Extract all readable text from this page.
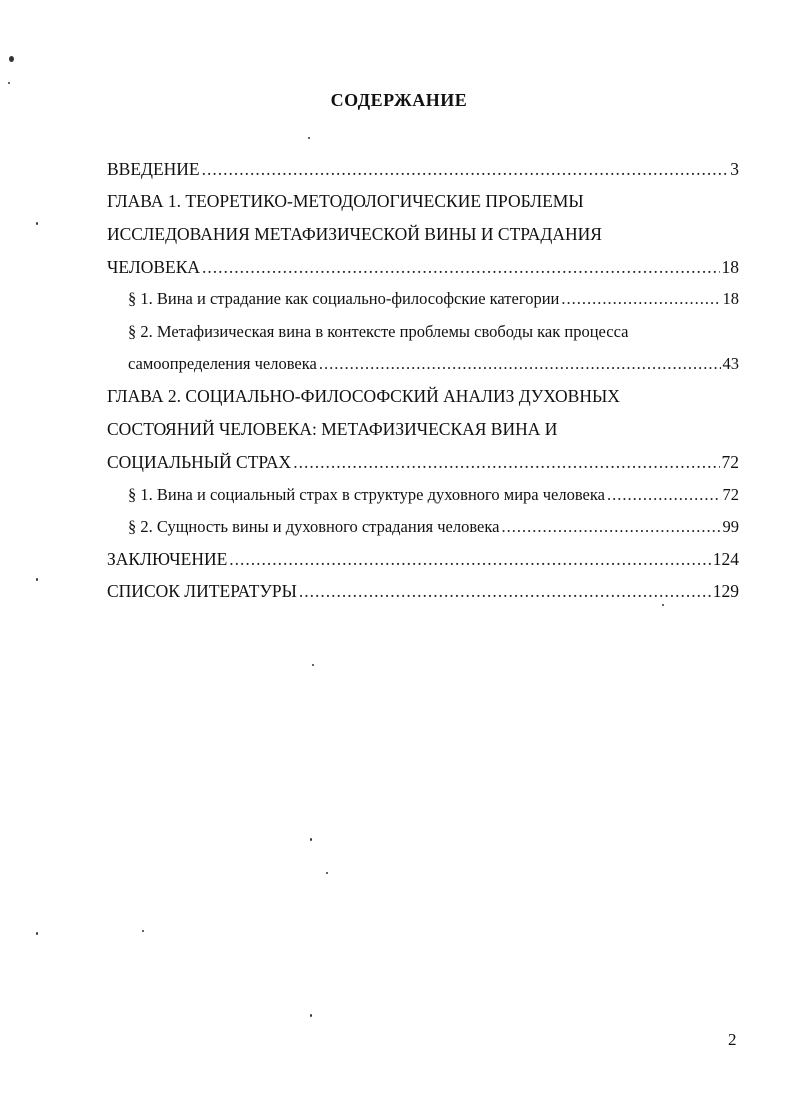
СОДЕРЖАНИЕ
ВВЕДЕНИЕ .....	3
ГЛАВА 1. ТЕОРЕТИКО-МЕТОДОЛОГИЧЕСКИЕ ПРОБЛЕМЫ
ИССЛЕДОВАНИЯ МЕТАФИЗИЧЕСКОЙ ВИНЫ И СТРАДАНИЯ
ЧЕЛОВЕКА .....	18
§ 1. Вина и страдание как социально-философские категории .....	18
§ 2. Метафизическая вина в контексте проблемы свободы как процесса
самоопределения человека .....	43
ГЛАВА 2. СОЦИАЛЬНО-ФИЛОСОФСКИЙ АНАЛИЗ ДУХОВНЫХ
СОСТОЯНИЙ ЧЕЛОВЕКА: МЕТАФИЗИЧЕСКАЯ ВИНА И
СОЦИАЛЬНЫЙ СТРАХ .....	72
§ 1. Вина и социальный страх в структуре духовного мира человека .....	72
§ 2. Сущность вины и духовного страдания человека .....	99
ЗАКЛЮЧЕНИЕ .....	124
СПИСОК ЛИТЕРАТУРЫ .....	129
2
